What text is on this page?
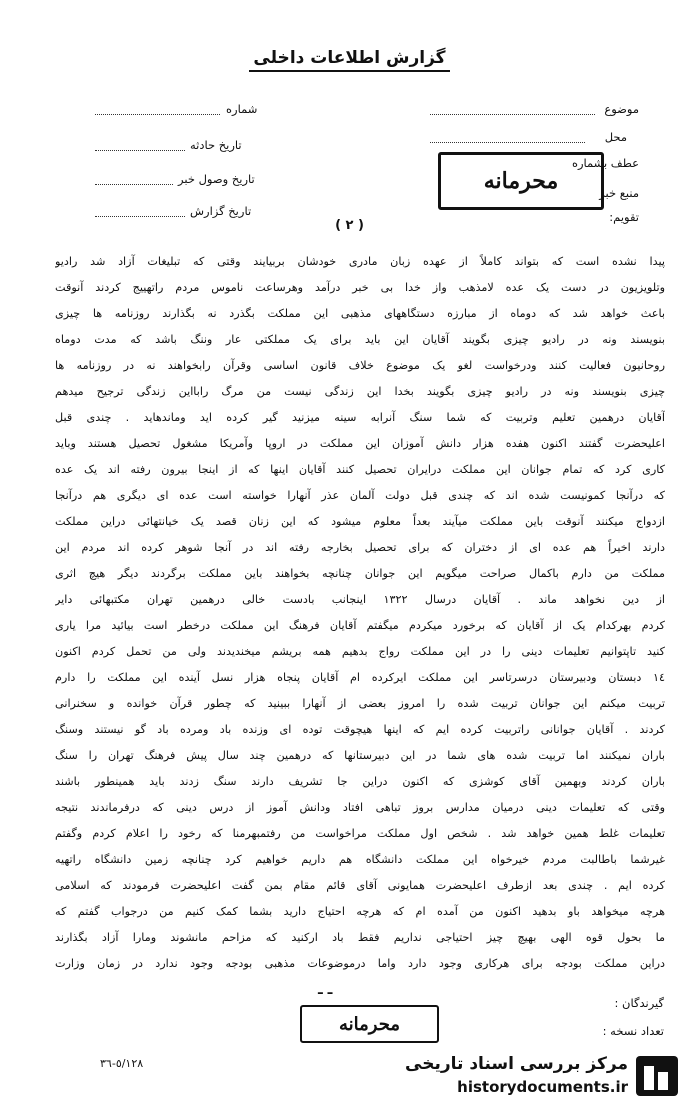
گزارش اطلاعات داخلی
موضوع
محل
عطف بشماره
منبع خبر
تقویم:
شماره
تاریخ حادثه
تاریخ وصول خبر
تاریخ گزارش
محرمانه
( ٢ )
پیدا نشده است که بتواند کاملاً از عهده زبان مادری خودشان بربیایند وقتی که تبلیغات آزاد شد رادیو
وتلویزیون در دست یک عده لامذهب واز خدا بی خبر درآمد وهرساعت ناموس مردم راتهییج کردند آنوقت
باعث خواهد شد که دوماه از مبارزه دستگاههای مذهبی این مملکت بگذرد نه بگذارند روزنامه ها چیزی
بنویسند ونه در رادیو چیزی بگویند آقایان این باید برای یک مملکتی عار وننگ باشد که مدت دوماه
روحانیون فعالیت کنند ودرخواست لغو یک موضوع خلاف قانون اساسی وقرآن رابخواهند نه در روزنامه ها
چیزی بنویسند ونه در رادیو چیزی بگویند بخدا این زندگی نیست من مرگ رابااین زندگی ترجیح میدهم
آقایان درهمین تعلیم وتربیت که شما سنگ آنرابه سینه میزنید گیر کرده اید وماندهاید . چندی قبل
اعلیحضرت گفتند اکنون هفده هزار دانش آموزان این مملکت در اروپا وآمریکا مشغول تحصیل هستند وباید
کاری کرد که تمام جوانان این مملکت درایران تحصیل کنند آقایان اینها که از اینجا بیرون رفته اند یک عده
که درآنجا کمونیست شده اند که چندی قبل دولت آلمان عذر آنهارا خواسته است عده ای دیگری هم درآنجا
ازدواج میکنند آنوقت باین مملکت میآیند بعداً معلوم میشود که این زنان قصد یک خیانتهائی دراین مملکت
دارند اخیراً هم عده ای از دختران که برای تحصیل بخارجه رفته اند در آنجا شوهر کرده اند مردم این
مملکت من دارم باکمال صراحت میگویم این جوانان چنانچه بخواهند باین مملکت برگردند دیگر هیچ اثری
از دین نخواهد ماند . آقایان درسال ١٣٢٢ اینجانب بادست خالی درهمین تهران مکتبهائی دایر
کردم بهرکدام یک از آقایان که برخورد میکردم میگفتم آقایان فرهنگ این مملکت درخطر است بیائید مرا یاری
کنید تاپتوانیم تعلیمات دینی را در این مملکت رواج بدهیم همه بریشم میخندیدند ولی من تحمل کردم اکنون
١٤ دبستان ودبیرستان درسرتاسر این مملکت ایرکرده ام آقایان پنجاه هزار نسل آینده این مملکت را دارم
تربیت میکنم این جوانان تربیت شده را امروز بعضی از آنهارا ببینید که چطور قرآن خوانده و سخنرانی
کردند . آقایان جوانانی راتربیت کرده ایم که اینها هیچوقت توده ای وزنده باد ومرده باد گو نیستند وسنگ
باران نمیکنند اما تربیت شده های شما در این دبیرستانها که درهمین چند سال پیش فرهنگ تهران را سنگ
باران کردند وبهمین آقای کوشزی که اکنون دراین جا تشریف دارند سنگ زدند باید همینطور باشند
وقتی که تعلیمات دینی درمیان مدارس بروز تباهی افتاد ودانش آموز از درس دینی که درفرماندند نتیجه
تعلیمات غلط همین خواهد شد . شخص اول مملکت مراخواست من رفتمبهرمنا که رخود را اعلام کردم وگفتم
غیرشما باطالبت مردم خیرخواه این مملکت دانشگاه هم داریم خواهیم کرد چنانچه زمین دانشگاه راتهیه
کرده ایم . چندی بعد ازطرف اعلیحضرت همایونی آقای قائم مقام بمن گفت اعلیحضرت فرمودند که اسلامی
هرچه میخواهد باو بدهید اکنون من آمده ام که هرچه احتیاج دارید بشما کمک کنیم من درجواب گفتم که
ما بحول قوه الهی بهیچ چیز احتیاجی نداریم فقط باد ارکنید که مزاحم مانشوند ومارا آزاد بگذارند
دراین مملکت بودجه برای هرکاری وجود دارد واما درموضوعات مذهبی بودجه وجود ندارد در زمان وزارت
ـ ـ
گیرندگان :
محرمانه	تعداد نسخه :
٥/١٢٨-٣٦	مرکز بررسی اسناد تاریخی
historydocuments.ir
